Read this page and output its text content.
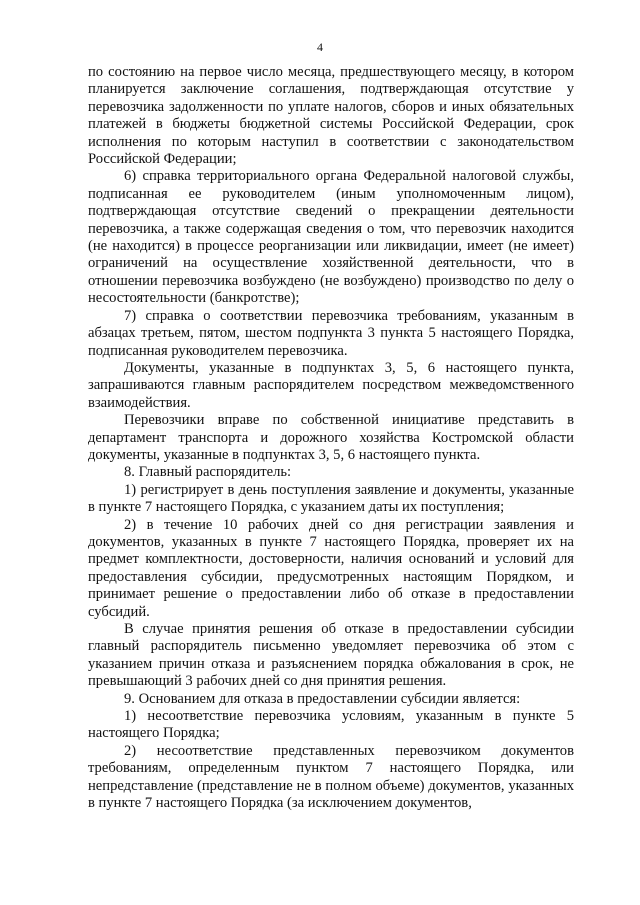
4

по состоянию на первое число месяца, предшествующего месяцу, в котором планируется заключение соглашения, подтверждающая отсутствие у перевозчика задолженности по уплате налогов, сборов и иных обязательных платежей в бюджеты бюджетной системы Российской Федерации, срок исполнения по которым наступил в соответствии с законодательством Российской Федерации;

6) справка территориального органа Федеральной налоговой службы, подписанная ее руководителем (иным уполномоченным лицом), подтверждающая отсутствие сведений о прекращении деятельности перевозчика, а также содержащая сведения о том, что перевозчик находится (не находится) в процессе реорганизации или ликвидации, имеет (не имеет) ограничений на осуществление хозяйственной деятельности, что в отношении перевозчика возбуждено (не возбуждено) производство по делу о несостоятельности (банкротстве);

7) справка о соответствии перевозчика требованиям, указанным в абзацах третьем, пятом, шестом подпункта 3 пункта 5 настоящего Порядка, подписанная руководителем перевозчика.

Документы, указанные в подпунктах 3, 5, 6 настоящего пункта, запрашиваются главным распорядителем посредством межведомственного взаимодействия.

Перевозчики вправе по собственной инициативе представить в департамент транспорта и дорожного хозяйства Костромской области документы, указанные в подпунктах 3, 5, 6 настоящего пункта.

8. Главный распорядитель:

1) регистрирует в день поступления заявление и документы, указанные в пункте 7 настоящего Порядка, с указанием даты их поступления;

2) в течение 10 рабочих дней со дня регистрации заявления и документов, указанных в пункте 7 настоящего Порядка, проверяет их на предмет комплектности, достоверности, наличия оснований и условий для предоставления субсидии, предусмотренных настоящим Порядком, и принимает решение о предоставлении либо об отказе в предоставлении субсидий.

В случае принятия решения об отказе в предоставлении субсидии главный распорядитель письменно уведомляет перевозчика об этом с указанием причин отказа и разъяснением порядка обжалования в срок, не превышающий 3 рабочих дней со дня принятия решения.

9. Основанием для отказа в предоставлении субсидии является:

1) несоответствие перевозчика условиям, указанным в пункте 5 настоящего Порядка;

2) несоответствие представленных перевозчиком документов требованиям, определенным пунктом 7 настоящего Порядка, или непредставление (представление не в полном объеме) документов, указанных в пункте 7 настоящего Порядка (за исключением документов,
